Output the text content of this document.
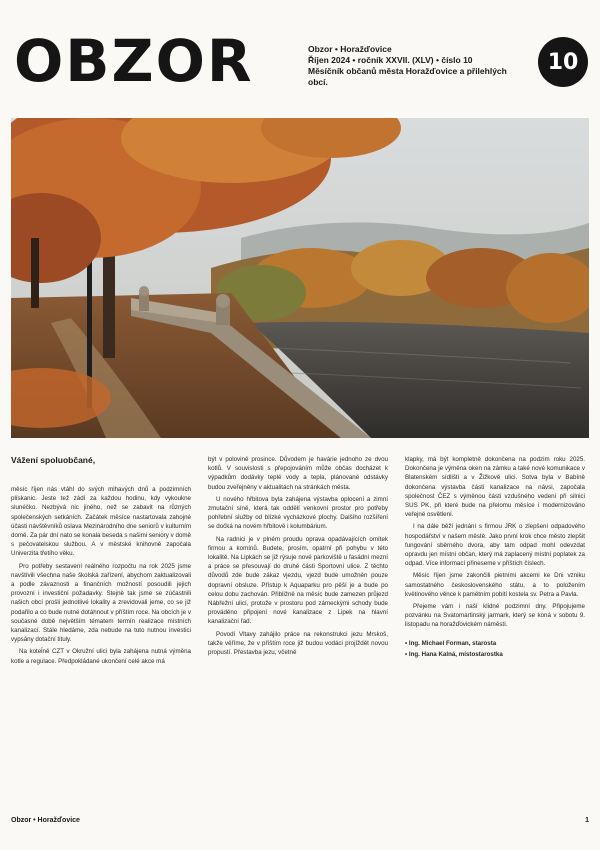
OBZOR	Obzor • Horažďovice
Říjen 2024 • ročník XXVII. (XLV) • číslo 10
Měsíčník občanů města Horažďovice a přilehlých obcí.
10
Vážení spoluobčané,

měsíc říjen nás vtáhl do svých mlhavých dnů a podzimních plískanic. Jeste tež zádí za každou hodinu, kdy vykoukne slunéčko. Nezbývá nic jiného, než se zabavit na různých společenských setkáních. Začátek měsíce nastartovala zahojné účasti návštěvníků oslava Mezinárodního dne seniorů v kulturním domě. Za pár dní nato se konala beseda s našimi seniory v domě s pečovatelskou službou. A v městské knihovně započala Univerzita třetího věku.

Pro potřeby sestavení reálného rozpočtu na rok 2025 jsme navštívili všechna naše školská zařízení, abychom zaktualizovali a podle závaznosti a finančních možností posoudili jejich provozní i investiční požadavky. Stejně tak jsme se zúčastnili našich obcí prošli jednotlivé lokality a zrevidovali jeme, co se již podařilo a co bude nutné dotáhnout v příštím roce. Na obcích je v současné době největším tématem termín realizace místních kanalizací. Stále hledáme, zda nebude na tuto nutnou investici vypsány dotační tituly.

Na koteĺně CZT v Okružní ulici byla zahájena nutná výměna kotle a regulace. Předpokládané ukončení celé akce má

být v polovině prosince. Důvodem je havárie jednoho ze dvou kotlů. V souvislosti s přepojováním může občas docházet k výpadkům dodávky teplé vody a tepla, plánované odstávky budou zveřejněny v aktualitách na stránkách města.

U nového hřbitova byla zahájena výstavba oplocení a zimní zmutační síně, která tak oddělí venkovní prostor pro potřeby pohřební služby od blízké vycházkové plochy. Dalšího rozšíření se dočká na novém hřbitově i kolumbárium.

Na radnici je v plném proudu oprava opadávajících omítek firmou a komínů. Budete, prosím, opatrní při pohybu v této lokalitě. Na Lipkách se již rýsuje nové parkoviště u fasádní mezní a práce se přesouvají do druhé části Sportovní ulice. Z těchto důvodů zde bude zákaz vjezdu, vjezd bude umožněn pouze dopravní obsluze. Přístup k Aquaparku pro pěší je a bude po celou dobu zachován. Přibližně na měsíc bude zamezen průjezd Nábřežní ulicí, protože v prostoru pod zámeckými schody bude prováděno připojení nové kanalizace z Lipek na hlavní kanalizační řad.

Povodí Vltavy zahájilo práce na rekonstrukci jezu Mrskoš, takže věříme, že v příštím roce již budou vodáci projíždět novou propustí. Přestavba jezu, včetně

klapky, má být kompletně dokončena na podzim roku 2025. Dokončena je výměna oken na zámku a také nové komunikace v Blatenském sídlišti a v Žižkově ulici. Sotva byla v Babíně dokončena výstavba části kanalizace na návsi, započala společnost ČEZ s výměnou části vzdušného vedení při silnici SUS PK, při které bude na přelomu měsíce i modernizováno veřejné osvětlení.

I na dále běží jednání s firmou JRK o zlepšení odpadového hospodářství v našem městě. Jako první krok chce město zlepšit fungování sběrného dvora, aby tam odpad mohl odevzdat opravdu jen místní občan, který má zaplacený místní poplatek za odpad. Více informací přineseme v příštích číslech.

Měsíc říjen jsme zakončili pietními akcemi ke Dni vzniku samostatného československého státu, a to položením květinového věnce k pamětním pobití kostela sv. Petra a Pavla.

Přejeme vám i naší klidné podzimní dny. Připojujeme pozvánku na Svatomartinský jarmark, který se koná v sobotu 9. listopadu na horažďovickém náměstí.

• Ing. Michael Forman, starosta
• Ing. Hana Kalná, místostarostka
Obzor • Horažďovice	1
